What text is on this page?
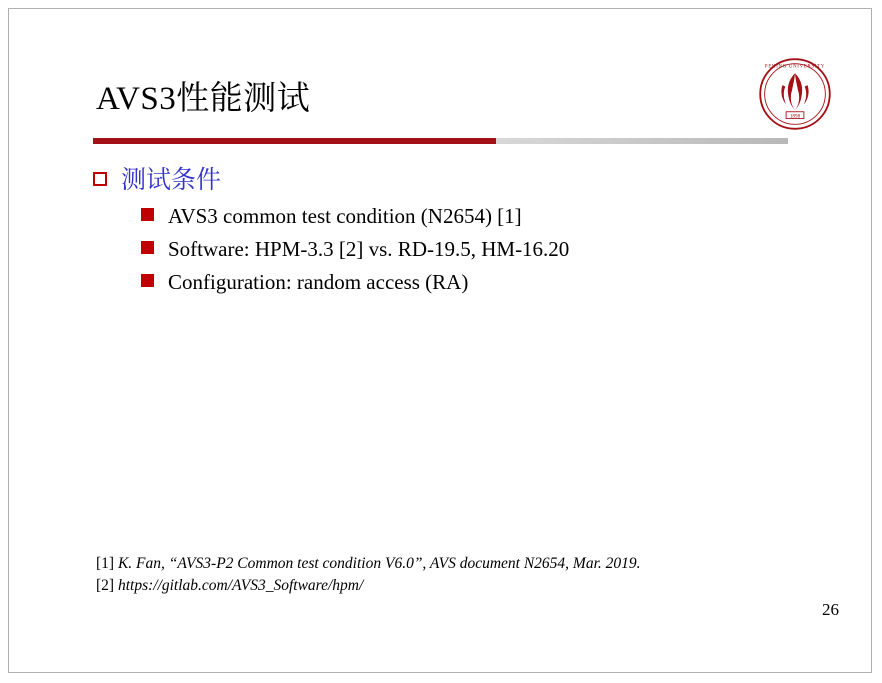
AVS3性能测试	1898
PEKING UNIVERSITY
测试条件
AVS3 common test condition (N2654) [1]
Software: HPM-3.3 [2] vs. RD-19.5, HM-16.20
Configuration: random access (RA)
[1] K. Fan, “AVS3-P2 Common test condition V6.0”, AVS document N2654, Mar. 2019.
[2] https://gitlab.com/AVS3_Software/hpm/
26
